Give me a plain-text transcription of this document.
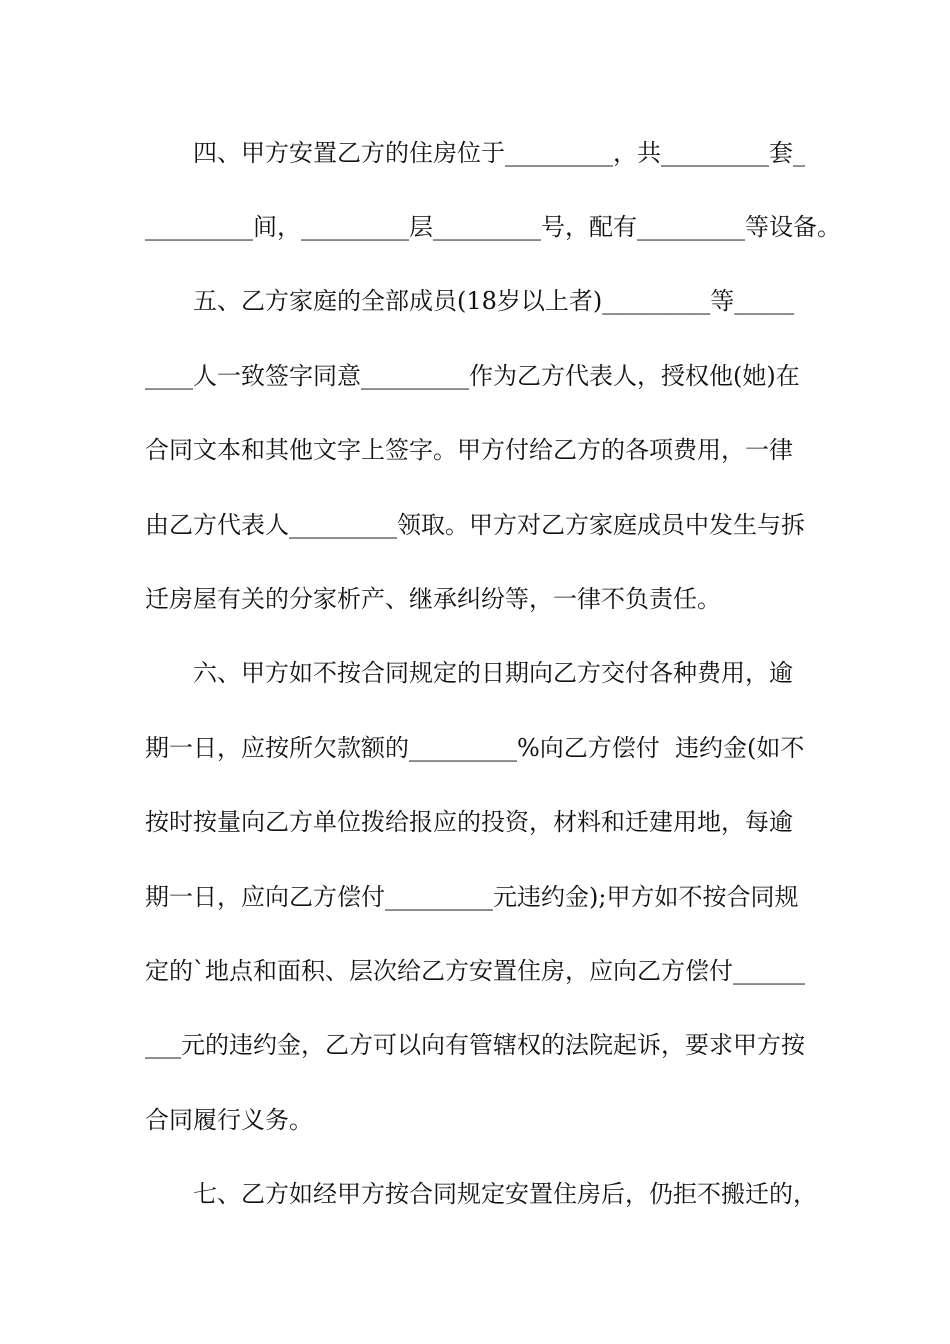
四、甲方安置乙方的住房位于_________，共_________套_
_________间，_________层_________号，配有_________等设备。
五、乙方家庭的全部成员(18岁以上者)_________等_____
____人一致签字同意_________作为乙方代表人，授权他(她)在
合同文本和其他文字上签字。甲方付给乙方的各项费用，一律
由乙方代表人_________领取。甲方对乙方家庭成员中发生与拆
迁房屋有关的分家析产、继承纠纷等，一律不负责任。
六、甲方如不按合同规定的日期向乙方交付各种费用，逾
期一日，应按所欠款额的_________%向乙方偿付  违约金(如不
按时按量向乙方单位拨给报应的投资，材料和迁建用地，每逾
期一日，应向乙方偿付_________元违约金);甲方如不按合同规
定的`地点和面积、层次给乙方安置住房，应向乙方偿付______
___元的违约金，乙方可以向有管辖权的法院起诉，要求甲方按
合同履行义务。
七、乙方如经甲方按合同规定安置住房后，仍拒不搬迁的，
